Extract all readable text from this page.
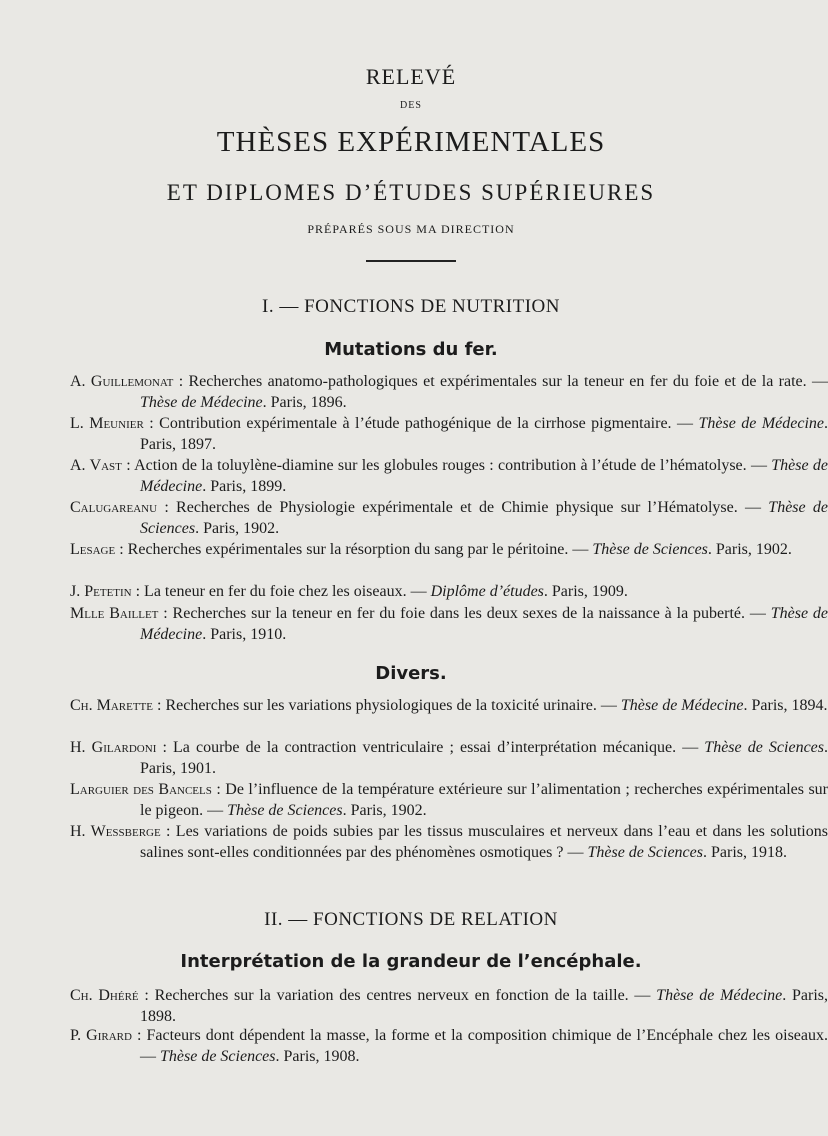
RELEVÉ
DES
THÈSES EXPÉRIMENTALES
ET DIPLOMES D’ÉTUDES SUPÉRIEURES
PRÉPARÉS SOUS MA DIRECTION
I. — FONCTIONS DE NUTRITION
Mutations du fer.
A. Guillemonat : Recherches anatomo-pathologiques et expérimentales sur la teneur en fer du foie et de la rate. — Thèse de Médecine. Paris, 1896.
L. Meunier : Contribution expérimentale à l’étude pathogénique de la cirrhose pigmentaire. — Thèse de Médecine. Paris, 1897.
A. Vast : Action de la toluylène-diamine sur les globules rouges : contribution à l’étude de l’hématolyse. — Thèse de Médecine. Paris, 1899.
Calugareanu : Recherches de Physiologie expérimentale et de Chimie physique sur l’Hématolyse. — Thèse de Sciences. Paris, 1902.
Lesage : Recherches expérimentales sur la résorption du sang par le péritoine. — Thèse de Sciences. Paris, 1902.
J. Petetin : La teneur en fer du foie chez les oiseaux. — Diplôme d’études. Paris, 1909.
Mlle Baillet : Recherches sur la teneur en fer du foie dans les deux sexes de la naissance à la puberté. — Thèse de Médecine. Paris, 1910.
Divers.
Ch. Marette : Recherches sur les variations physiologiques de la toxicité urinaire. — Thèse de Médecine. Paris, 1894.
H. Gilardoni : La courbe de la contraction ventriculaire ; essai d’interprétation mécanique. — Thèse de Sciences. Paris, 1901.
Larguier des Bancels : De l’influence de la température extérieure sur l’alimentation ; recherches expérimentales sur le pigeon. — Thèse de Sciences. Paris, 1902.
H. Wessberge : Les variations de poids subies par les tissus musculaires et nerveux dans l’eau et dans les solutions salines sont-elles conditionnées par des phénomènes osmotiques ? — Thèse de Sciences. Paris, 1918.
II. — FONCTIONS DE RELATION
Interprétation de la grandeur de l’encéphale.
Ch. Dhéré : Recherches sur la variation des centres nerveux en fonction de la taille. — Thèse de Médecine. Paris, 1898.
P. Girard : Facteurs dont dépendent la masse, la forme et la composition chimique de l’Encéphale chez les oiseaux. — Thèse de Sciences. Paris, 1908.
